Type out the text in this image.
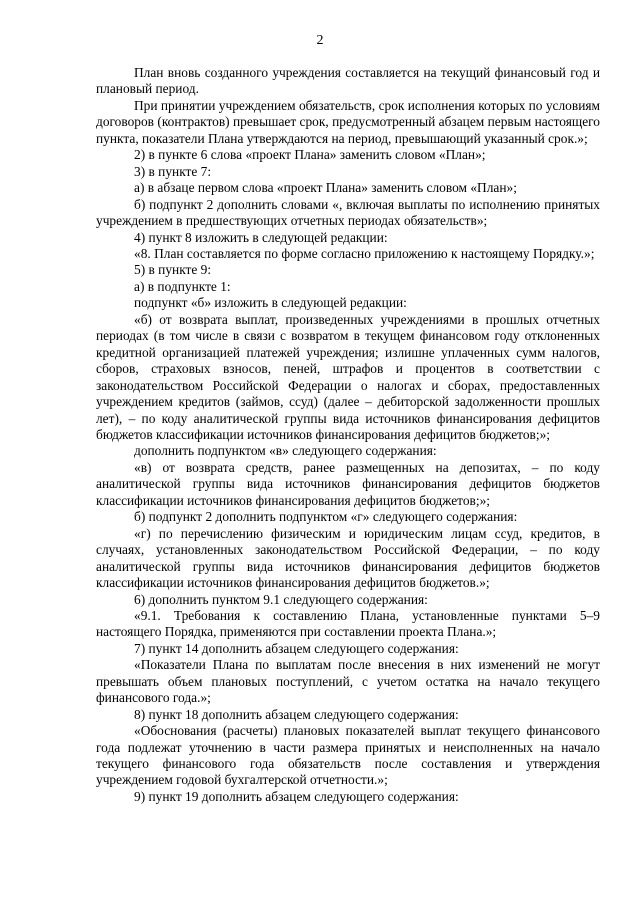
2

План вновь созданного учреждения составляется на текущий финансовый год и плановый период.

При принятии учреждением обязательств, срок исполнения которых по условиям договоров (контрактов) превышает срок, предусмотренный абзацем первым настоящего пункта, показатели Плана утверждаются на период, превышающий указанный срок.»;

2) в пункте 6 слова «проект Плана» заменить словом «План»;

3) в пункте 7:

а) в абзаце первом слова «проект Плана» заменить словом «План»;

б) подпункт 2 дополнить словами «, включая выплаты по исполнению принятых учреждением в предшествующих отчетных периодах обязательств»;

4) пункт 8 изложить в следующей редакции:

«8. План составляется по форме согласно приложению к настоящему Порядку.»;

5) в пункте 9:

а) в подпункте 1:

подпункт «б» изложить в следующей редакции:

«б) от возврата выплат, произведенных учреждениями в прошлых отчетных периодах (в том числе в связи с возвратом в текущем финансовом году отклоненных кредитной организацией платежей учреждения; излишне уплаченных сумм налогов, сборов, страховых взносов, пеней, штрафов и процентов в соответствии с законодательством Российской Федерации о налогах и сборах, предоставленных учреждением кредитов (займов, ссуд) (далее – дебиторской задолженности прошлых лет), – по коду аналитической группы вида источников финансирования дефицитов бюджетов классификации источников финансирования дефицитов бюджетов;»;

дополнить подпунктом «в» следующего содержания:

«в) от возврата средств, ранее размещенных на депозитах, – по коду аналитической группы вида источников финансирования дефицитов бюджетов классификации источников финансирования дефицитов бюджетов;»;

б) подпункт 2 дополнить подпунктом «г» следующего содержания:

«г) по перечислению физическим и юридическим лицам ссуд, кредитов, в случаях, установленных законодательством Российской Федерации, – по коду аналитической группы вида источников финансирования дефицитов бюджетов классификации источников финансирования дефицитов бюджетов.»;

6) дополнить пунктом 9.1 следующего содержания:

«9.1. Требования к составлению Плана, установленные пунктами 5–9 настоящего Порядка, применяются при составлении проекта Плана.»;

7) пункт 14 дополнить абзацем следующего содержания:

«Показатели Плана по выплатам после внесения в них изменений не могут превышать объем плановых поступлений, с учетом остатка на начало текущего финансового года.»;

8) пункт 18 дополнить абзацем следующего содержания:

«Обоснования (расчеты) плановых показателей выплат текущего финансового года подлежат уточнению в части размера принятых и неисполненных на начало текущего финансового года обязательств после составления и утверждения учреждением годовой бухгалтерской отчетности.»;

9) пункт 19 дополнить абзацем следующего содержания:
